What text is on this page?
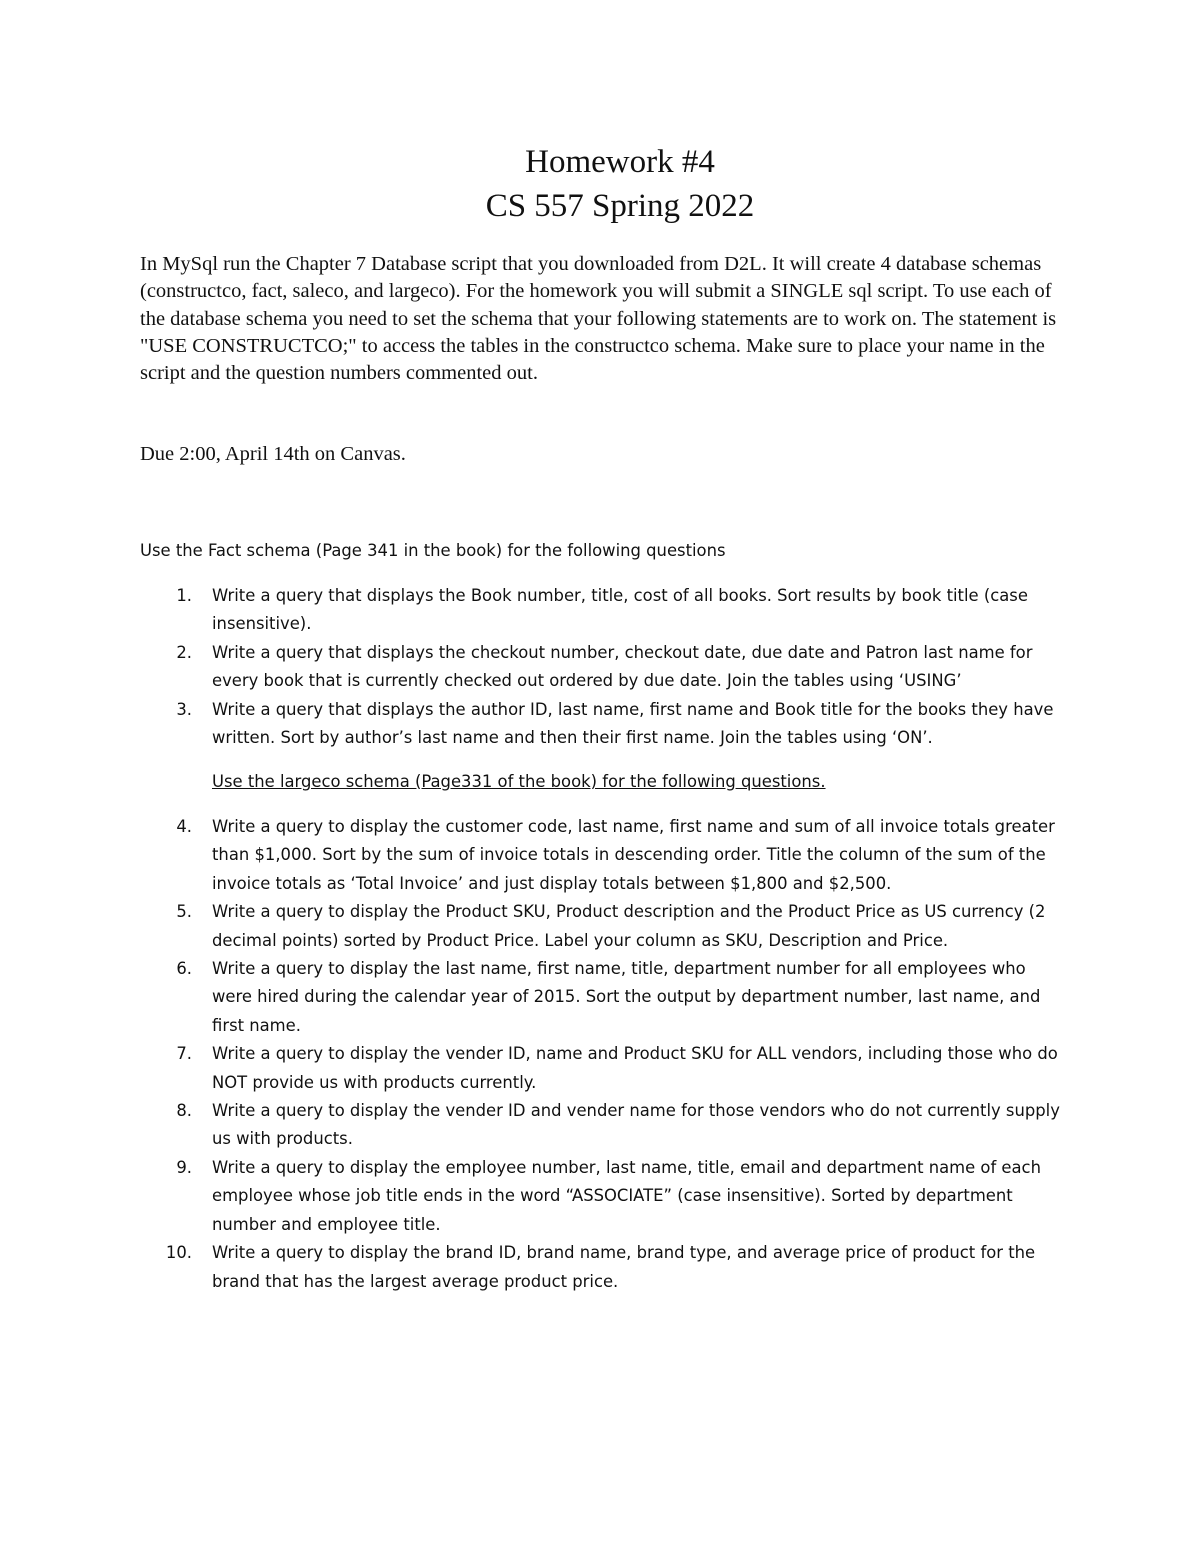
Homework #4
CS 557 Spring 2022

In MySql run the Chapter 7 Database script that you downloaded from D2L. It will create 4 database schemas (constructco, fact, saleco, and largeco). For the homework you will submit a SINGLE sql script. To use each of the database schema you need to set the schema that your following statements are to work on. The statement is "USE CONSTRUCTCO;" to access the tables in the constructco schema. Make sure to place your name in the script and the question numbers commented out.

Due 2:00, April 14th on Canvas.
Use the Fact schema (Page 341 in the book) for the following questions
1. Write a query that displays the Book number, title, cost of all books. Sort results by book title (case insensitive).
2. Write a query that displays the checkout number, checkout date, due date and Patron last name for every book that is currently checked out ordered by due date. Join the tables using ‘USING’
3. Write a query that displays the author ID, last name, first name and Book title for the books they have written. Sort by author’s last name and then their first name. Join the tables using ‘ON’.
Use the largeco schema (Page331 of the book) for the following questions.
4. Write a query to display the customer code, last name, first name and sum of all invoice totals greater than $1,000. Sort by the sum of invoice totals in descending order. Title the column of the sum of the invoice totals as ‘Total Invoice’ and just display totals between $1,800 and $2,500.
5. Write a query to display the Product SKU, Product description and the Product Price as US currency (2 decimal points) sorted by Product Price. Label your column as SKU, Description and Price.
6. Write a query to display the last name, first name, title, department number for all employees who were hired during the calendar year of 2015. Sort the output by department number, last name, and first name.
7. Write a query to display the vender ID, name and Product SKU for ALL vendors, including those who do NOT provide us with products currently.
8. Write a query to display the vender ID and vender name for those vendors who do not currently supply us with products.
9. Write a query to display the employee number, last name, title, email and department name of each employee whose job title ends in the word “ASSOCIATE” (case insensitive). Sorted by department number and employee title.
10. Write a query to display the brand ID, brand name, brand type, and average price of product for the brand that has the largest average product price.
